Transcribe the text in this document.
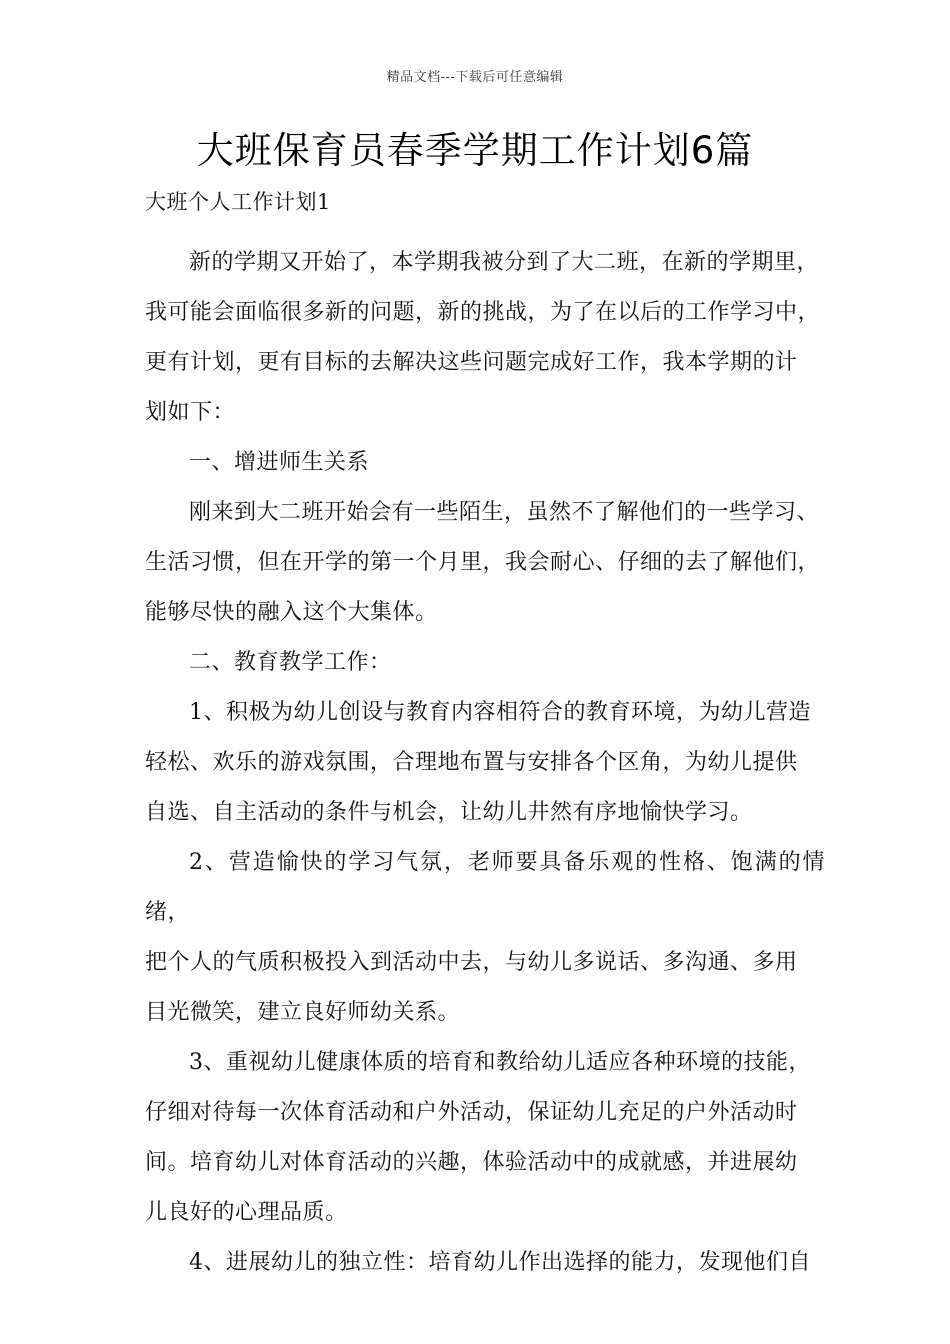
精品文档---下载后可任意编辑
大班保育员春季学期工作计划6篇

大班个人工作计划1

新的学期又开始了，本学期我被分到了大二班，在新的学期里，
我可能会面临很多新的问题，新的挑战，为了在以后的工作学习中，
更有计划，更有目标的去解决这些问题完成好工作，我本学期的计
划如下：

一、增进师生关系

刚来到大二班开始会有一些陌生，虽然不了解他们的一些学习、
生活习惯，但在开学的第一个月里，我会耐心、仔细的去了解他们，
能够尽快的融入这个大集体。

二、教育教学工作：

1、积极为幼儿创设与教育内容相符合的教育环境，为幼儿营造
轻松、欢乐的游戏氛围，合理地布置与安排各个区角，为幼儿提供
自选、自主活动的条件与机会，让幼儿井然有序地愉快学习。

2、营造愉快的学习气氛，老师要具备乐观的性格、饱满的情绪，
把个人的气质积极投入到活动中去，与幼儿多说话、多沟通、多用
目光微笑，建立良好师幼关系。

3、重视幼儿健康体质的培育和教给幼儿适应各种环境的技能，
仔细对待每一次体育活动和户外活动，保证幼儿充足的户外活动时
间。培育幼儿对体育活动的兴趣，体验活动中的成就感，并进展幼
儿良好的心理品质。

4、进展幼儿的独立性：培育幼儿作出选择的能力，发现他们自
